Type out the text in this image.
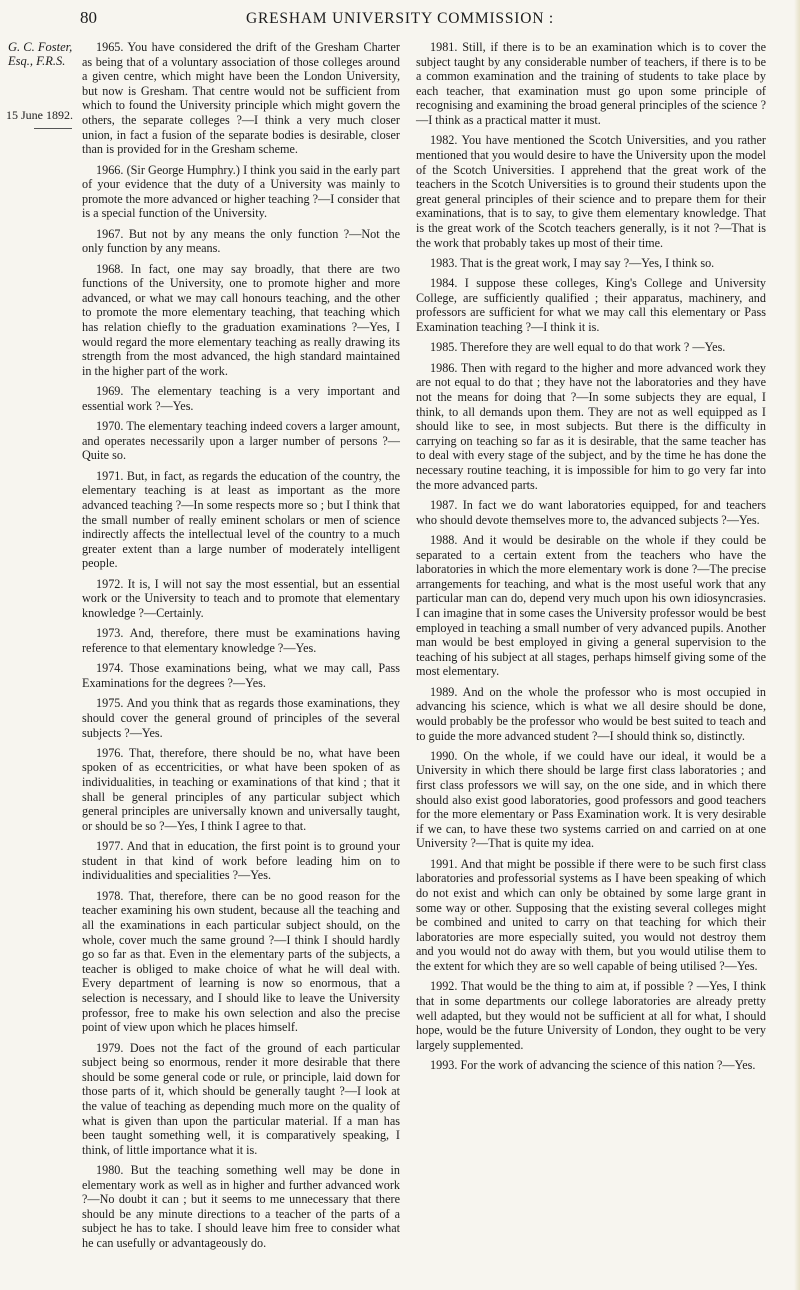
80	GRESHAM UNIVERSITY COMMISSION :
G. C. Foster, Esq., F.R.S.
15 June 1892.

1965. You have considered the drift of the Gresham Charter as being that of a voluntary association of those colleges around a given centre, which might have been the London University, but now is Gresham. That centre would not be sufficient from which to found the University principle which might govern the others, the separate colleges ?—I think a very much closer union, in fact a fusion of the separate bodies is desirable, closer than is provided for in the Gresham scheme.

1966. (Sir George Humphry.) I think you said in the early part of your evidence that the duty of a University was mainly to promote the more advanced or higher teaching ?—I consider that is a special function of the University.

1967. But not by any means the only function ?—Not the only function by any means.

1968. In fact, one may say broadly, that there are two functions of the University, one to promote higher and more advanced, or what we may call honours teaching, and the other to promote the more elementary teaching, that teaching which has relation chiefly to the graduation examinations ?—Yes, I would regard the more elementary teaching as really drawing its strength from the most advanced, the high standard maintained in the higher part of the work.

1969. The elementary teaching is a very important and essential work ?—Yes.

1970. The elementary teaching indeed covers a larger amount, and operates necessarily upon a larger number of persons ?—Quite so.

1971. But, in fact, as regards the education of the country, the elementary teaching is at least as important as the more advanced teaching ?—In some respects more so ; but I think that the small number of really eminent scholars or men of science indirectly affects the intellectual level of the country to a much greater extent than a large number of moderately intelligent people.

1972. It is, I will not say the most essential, but an essential work or the University to teach and to promote that elementary knowledge ?—Certainly.

1973. And, therefore, there must be examinations having reference to that elementary knowledge ?—Yes.

1974. Those examinations being, what we may call, Pass Examinations for the degrees ?—Yes.

1975. And you think that as regards those examinations, they should cover the general ground of principles of the several subjects ?—Yes.

1976. That, therefore, there should be no, what have been spoken of as eccentricities, or what have been spoken of as individualities, in teaching or examinations of that kind ; that it shall be general principles of any particular subject which general principles are universally known and universally taught, or should be so ?—Yes, I think I agree to that.

1977. And that in education, the first point is to ground your student in that kind of work before leading him on to individualities and specialities ?—Yes.

1978. That, therefore, there can be no good reason for the teacher examining his own student, because all the teaching and all the examinations in each particular subject should, on the whole, cover much the same ground ?—I think I should hardly go so far as that. Even in the elementary parts of the subjects, a teacher is obliged to make choice of what he will deal with. Every department of learning is now so enormous, that a selection is necessary, and I should like to leave the University professor, free to make his own selection and also the precise point of view upon which he places himself.

1979. Does not the fact of the ground of each particular subject being so enormous, render it more desirable that there should be some general code or rule, or principle, laid down for those parts of it, which should be generally taught ?—I look at the value of teaching as depending much more on the quality of what is given than upon the particular material. If a man has been taught something well, it is comparatively speaking, I think, of little importance what it is.

1980. But the teaching something well may be done in elementary work as well as in higher and further advanced work ?—No doubt it can ; but it seems to me unnecessary that there should be any minute directions to a teacher of the parts of a subject he has to take. I should leave him free to consider what he can usefully or advantageously do.

1981. Still, if there is to be an examination which is to cover the subject taught by any considerable number of teachers, if there is to be a common examination and the training of students to take place by each teacher, that examination must go upon some principle of recognising and examining the broad general principles of the science ?—I think as a practical matter it must.

1982. You have mentioned the Scotch Universities, and you rather mentioned that you would desire to have the University upon the model of the Scotch Universities. I apprehend that the great work of the teachers in the Scotch Universities is to ground their students upon the great general principles of their science and to prepare them for their examinations, that is to say, to give them elementary knowledge. That is the great work of the Scotch teachers generally, is it not ?—That is the work that probably takes up most of their time.

1983. That is the great work, I may say ?—Yes, I think so.

1984. I suppose these colleges, King's College and University College, are sufficiently qualified ; their apparatus, machinery, and professors are sufficient for what we may call this elementary or Pass Examination teaching ?—I think it is.

1985. Therefore they are well equal to do that work ? —Yes.

1986. Then with regard to the higher and more advanced work they are not equal to do that ; they have not the laboratories and they have not the means for doing that ?—In some subjects they are equal, I think, to all demands upon them. They are not as well equipped as I should like to see, in most subjects. But there is the difficulty in carrying on teaching so far as it is desirable, that the same teacher has to deal with every stage of the subject, and by the time he has done the necessary routine teaching, it is impossible for him to go very far into the more advanced parts.

1987. In fact we do want laboratories equipped, for and teachers who should devote themselves more to, the advanced subjects ?—Yes.

1988. And it would be desirable on the whole if they could be separated to a certain extent from the teachers who have the laboratories in which the more elementary work is done ?—The precise arrangements for teaching, and what is the most useful work that any particular man can do, depend very much upon his own idiosyncrasies. I can imagine that in some cases the University professor would be best employed in teaching a small number of very advanced pupils. Another man would be best employed in giving a general supervision to the teaching of his subject at all stages, perhaps himself giving some of the most elementary.

1989. And on the whole the professor who is most occupied in advancing his science, which is what we all desire should be done, would probably be the professor who would be best suited to teach and to guide the more advanced student ?—I should think so, distinctly.

1990. On the whole, if we could have our ideal, it would be a University in which there should be large first class laboratories ; and first class professors we will say, on the one side, and in which there should also exist good laboratories, good professors and good teachers for the more elementary or Pass Examination work. It is very desirable if we can, to have these two systems carried on and carried on at one University ?—That is quite my idea.

1991. And that might be possible if there were to be such first class laboratories and professorial systems as I have been speaking of which do not exist and which can only be obtained by some large grant in some way or other. Supposing that the existing several colleges might be combined and united to carry on that teaching for which their laboratories are more especially suited, you would not destroy them and you would not do away with them, but you would utilise them to the extent for which they are so well capable of being utilised ?—Yes.

1992. That would be the thing to aim at, if possible ? —Yes, I think that in some departments our college laboratories are already pretty well adapted, but they would not be sufficient at all for what, I should hope, would be the future University of London, they ought to be very largely supplemented.

1993. For the work of advancing the science of this nation ?—Yes.
